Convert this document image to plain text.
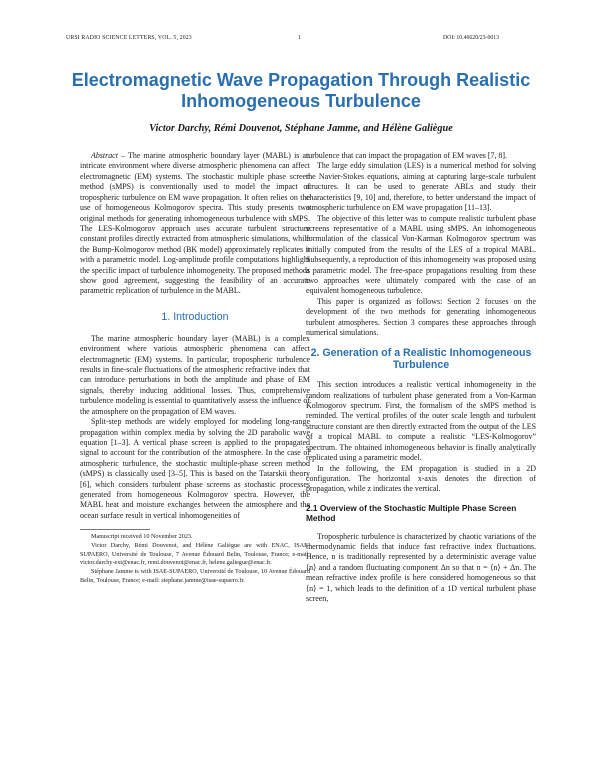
URSI RADIO SCIENCE LETTERS, VOL. 5, 2023	1	DOI: 10.46620/23-0013
Electromagnetic Wave Propagation Through Realistic Inhomogeneous Turbulence
Victor Darchy, Rémi Douvenot, Stéphane Jamme, and Hélène Galiègue

Abstract – The marine atmospheric boundary layer (MABL) is an intricate environment where diverse atmospheric phenomena can affect electromagnetic (EM) systems. The stochastic multiple phase screen method (sMPS) is conventionally used to model the impact of tropospheric turbulence on EM wave propagation. It often relies on the use of homogeneous Kolmogorov spectra. This study presents two original methods for generating inhomogeneous turbulence with sMPS. The LES-Kolmogorov approach uses accurate turbulent structure constant profiles directly extracted from atmospheric simulations, while the Bump-Kolmogorov method (BK model) approximately replicates it with a parametric model. Log-amplitude profile computations highlight the specific impact of turbulence inhomogeneity. The proposed methods show good agreement, suggesting the feasibility of an accurate parametric replication of turbulence in the MABL.

1. Introduction

The marine atmospheric boundary layer (MABL) is a complex environment where various atmospheric phenomena can affect electromagnetic (EM) systems. In particular, tropospheric turbulence results in fine-scale fluctuations of the atmospheric refractive index that can introduce perturbations in both the amplitude and phase of EM signals, thereby inducing additional losses. Thus, comprehensive turbulence modeling is essential to quantitatively assess the influence of the atmosphere on the propagation of EM waves.

Split-step methods are widely employed for modeling long-range propagation within complex media by solving the 2D parabolic wave equation [1–3]. A vertical phase screen is applied to the propagated signal to account for the contribution of the atmosphere. In the case of atmospheric turbulence, the stochastic multiple-phase screen method (sMPS) is classically used [3–5]. This is based on the Tatarskii theory [6], which considers turbulent phase screens as stochastic processes generated from homogeneous Kolmogorov spectra. However, the MABL heat and moisture exchanges between the atmosphere and the ocean surface result in vertical inhomogeneities of

Manuscript received 10 November 2023.
Victor Darchy, Rémi Douvenot, and Hélène Galiègue are with ENAC, ISAE-SUPAERO, Université de Toulouse, 7 Avenue Édouard Belin, Toulouse, France; e-mail: victor.darchy-ext@enac.fr, remi.douvenot@enac.fr, helene.galiegue@enac.fr.
Stéphane Jamme is with ISAE-SUPAERO, Université de Toulouse, 10 Avenue Édouard Belin, Toulouse, France; e-mail: stephane.jamme@isae-supaero.fr.

turbulence that can impact the propagation of EM waves [7, 8].

The large eddy simulation (LES) is a numerical method for solving the Navier-Stokes equations, aiming at capturing large-scale turbulent structures. It can be used to generate ABLs and study their characteristics [9, 10] and, therefore, to better understand the impact of atmospheric turbulence on EM wave propagation [11–13].

The objective of this letter was to compute realistic turbulent phase screens representative of a MABL using sMPS. An inhomogeneous formulation of the classical Von-Karman Kolmogorov spectrum was initially computed from the results of the LES of a tropical MABL. Subsequently, a reproduction of this inhomogeneity was proposed using a parametric model. The free-space propagations resulting from these two approaches were ultimately compared with the case of an equivalent homogeneous turbulence.

This paper is organized as follows: Section 2 focuses on the development of the two methods for generating inhomogeneous turbulent atmospheres. Section 3 compares these approaches through numerical simulations.

2. Generation of a Realistic Inhomogeneous Turbulence

This section introduces a realistic vertical inhomogeneity in the random realizations of turbulent phase generated from a Von-Karman Kolmogorov spectrum. First, the formalism of the sMPS method is reminded. The vertical profiles of the outer scale length and turbulent structure constant are then directly extracted from the output of the LES of a tropical MABL to compute a realistic “LES-Kolmogorov” spectrum. The obtained inhomogeneous behavior is finally analytically replicated using a parametric model.

In the following, the EM propagation is studied in a 2D configuration. The horizontal x-axis denotes the direction of propagation, while z indicates the vertical.

2.1 Overview of the Stochastic Multiple Phase Screen Method

Tropospheric turbulence is characterized by chaotic variations of the thermodynamic fields that induce fast refractive index fluctuations. Hence, n is traditionally represented by a deterministic average value ⟨n⟩ and a random fluctuating component Δn so that n = ⟨n⟩ + Δn. The mean refractive index profile is here considered homogeneous so that ⟨n⟩ = 1, which leads to the definition of a 1D vertical turbulent phase screen,
